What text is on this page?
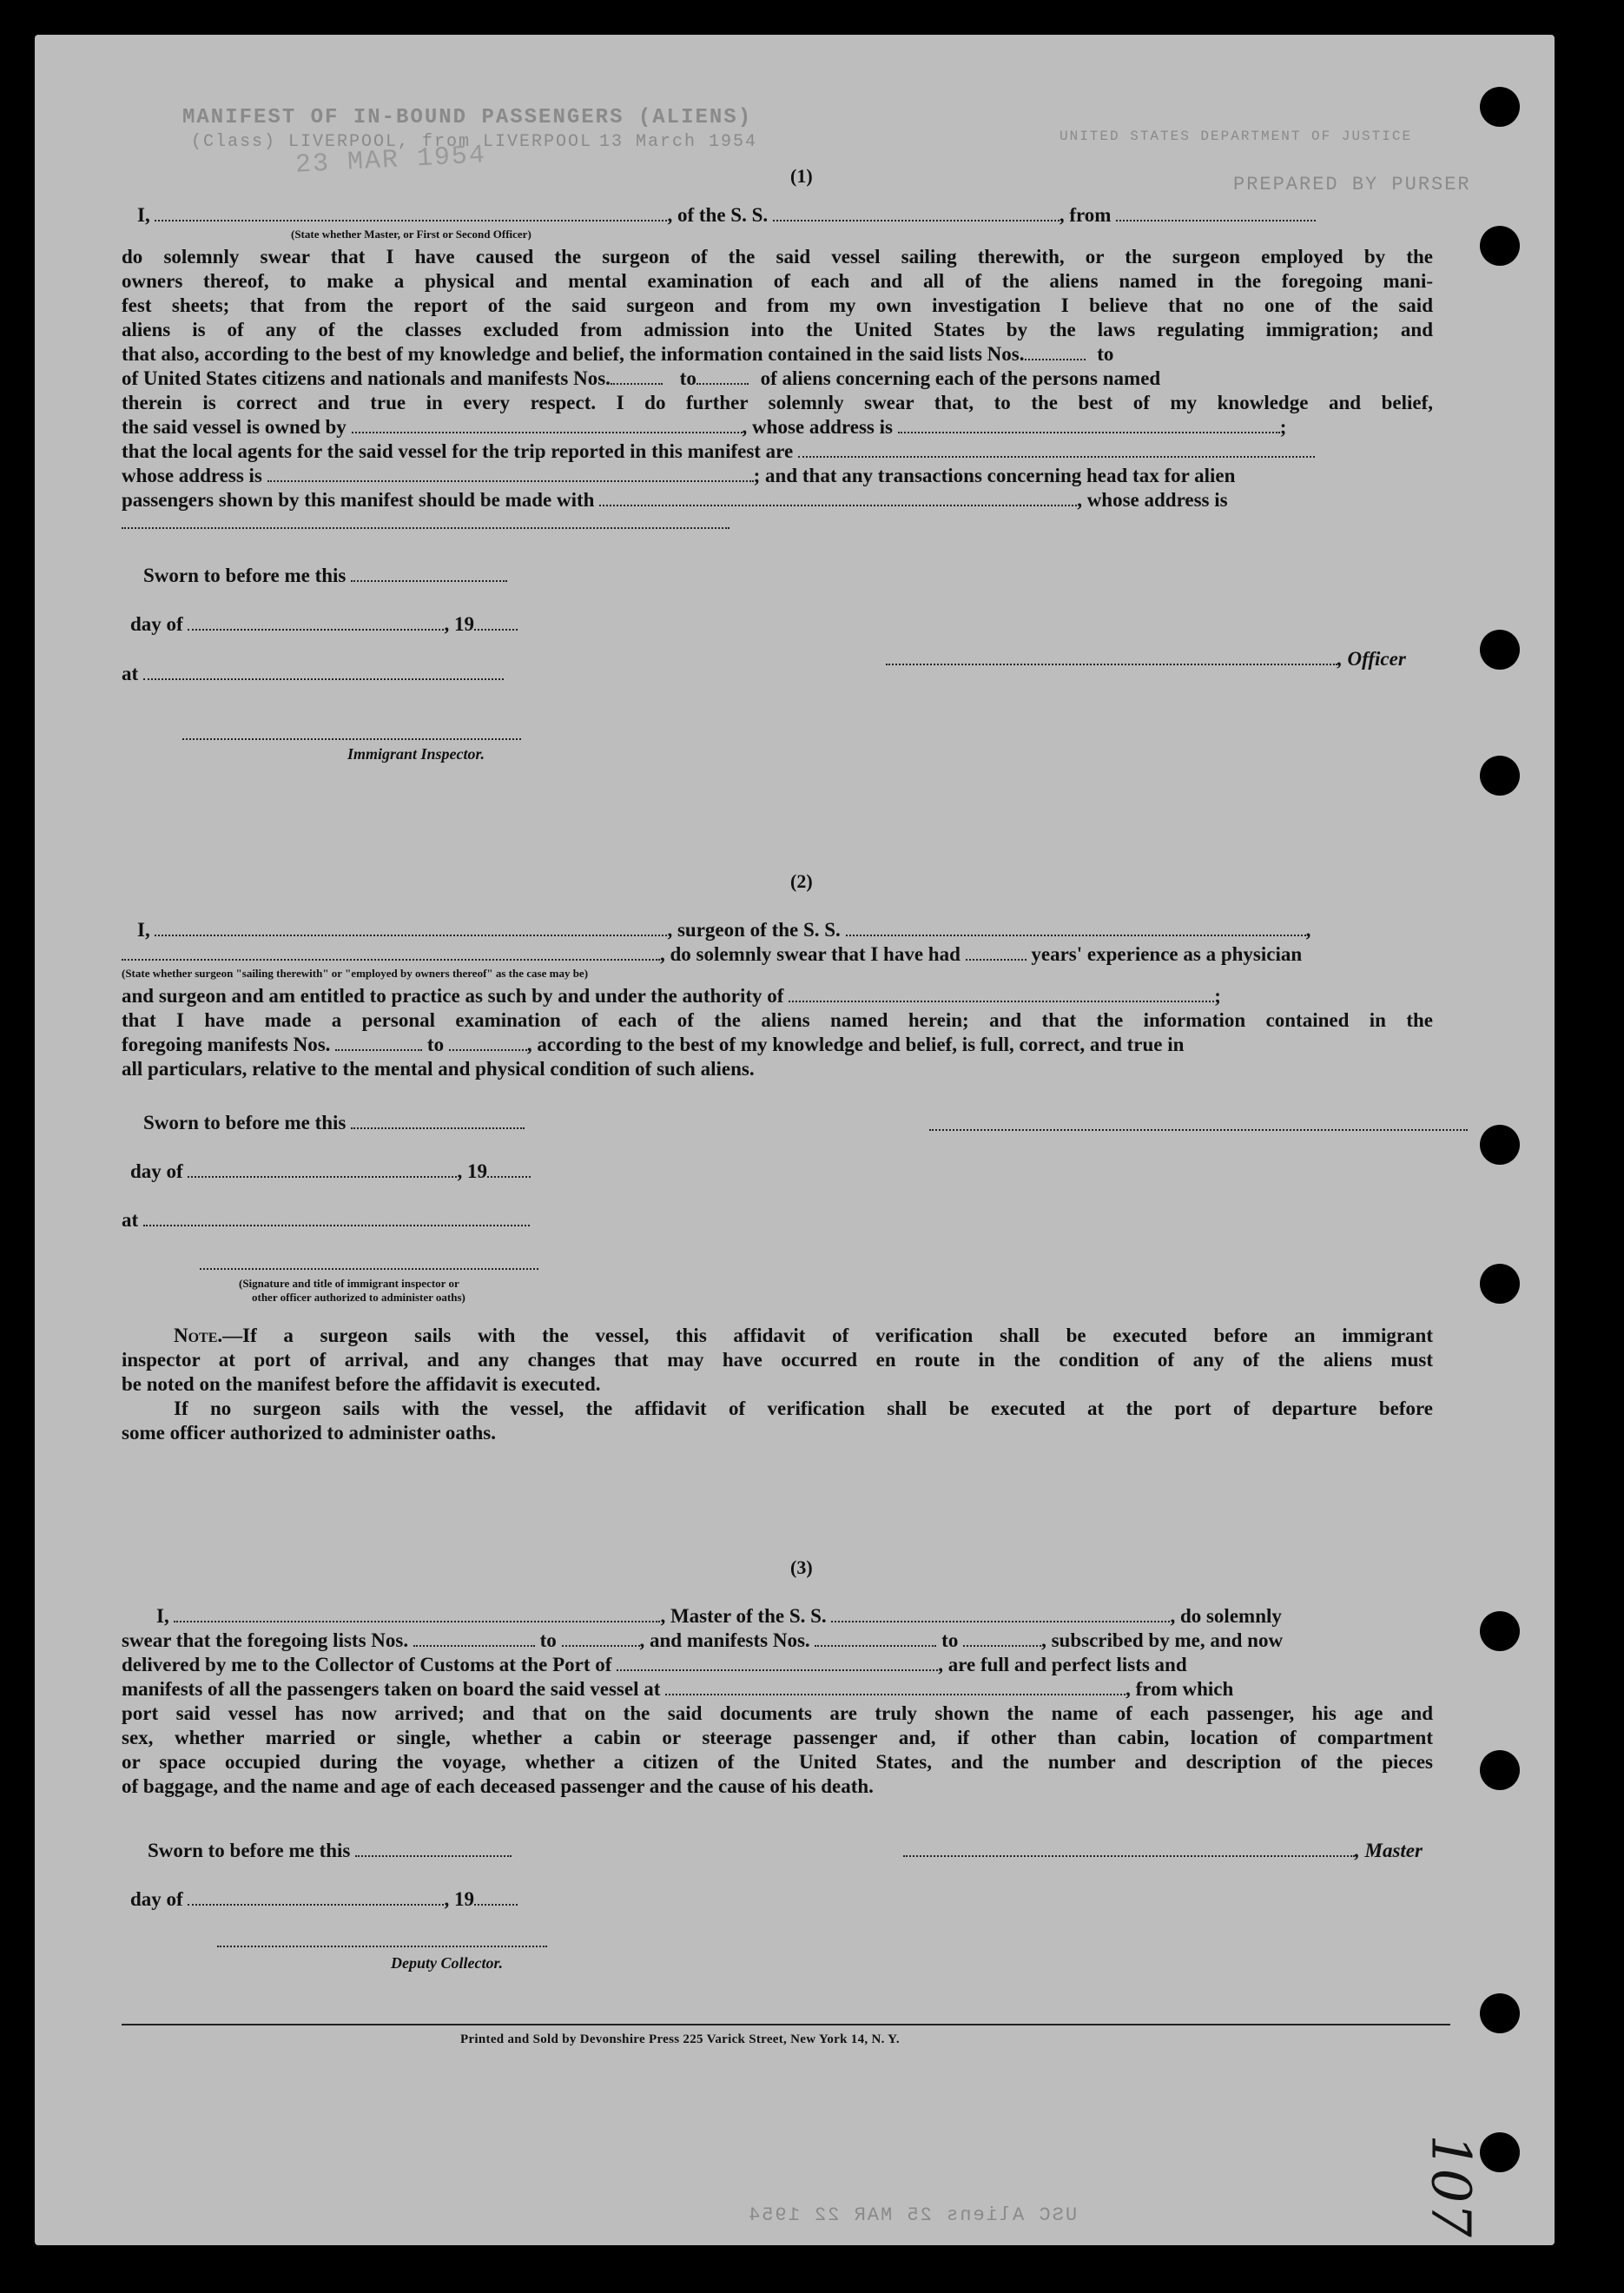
MANIFEST OF IN-BOUND PASSENGERS (ALIENS)
(Class) LIVERPOOL, from LIVERPOOL 13 March 1954	UNITED STATES DEPARTMENT OF JUSTICE
PREPARED BY PURSER
23 MAR 1954	(1)
I,	, of the S. S.	, from
(State whether Master, or First or Second Officer)
do solemnly swear that I have caused the surgeon of the said vessel sailing therewith, or the surgeon employed by the
owners thereof, to make a physical and mental examination of each and all of the aliens named in the foregoing mani-
fest sheets; that from the report of the said surgeon and from my own investigation I believe that no one of the said
aliens is of any of the classes excluded from admission into the United States by the laws regulating immigration; and
that also, according to the best of my knowledge and belief, the information contained in the said lists Nos.	to
of United States citizens and nationals and manifests Nos.	to	of aliens concerning each of the persons named
therein is correct and true in every respect. I do further solemnly swear that, to the best of my knowledge and belief,
the said vessel is owned by	, whose address is	;
that the local agents for the said vessel for the trip reported in this manifest are
whose address is	; and that any transactions concerning head tax for alien
passengers shown by this manifest should be made with	, whose address is
Sworn to before me this
day of	, 19
at
Immigrant Inspector.
, Officer
(2)
I,	, surgeon of the S. S.	,
, do solemnly swear that I have had	years' experience as a physician
(State whether surgeon "sailing therewith" or "employed by owners thereof" as the case may be)
and surgeon and am entitled to practice as such by and under the authority of	;
that I have made a personal examination of each of the aliens named herein; and that the information contained in the
foregoing manifests Nos.	to	, according to the best of my knowledge and belief, is full, correct, and true in
all particulars, relative to the mental and physical condition of such aliens.
Sworn to before me this
day of	, 19
at
(Signature and title of immigrant inspector or
other officer authorized to administer oaths)
Note.—If a surgeon sails with the vessel, this affidavit of verification shall be executed before an immigrant
inspector at port of arrival, and any changes that may have occurred en route in the condition of any of the aliens must
be noted on the manifest before the affidavit is executed.
If no surgeon sails with the vessel, the affidavit of verification shall be executed at the port of departure before
some officer authorized to administer oaths.
(3)
I,	, Master of the S. S.	, do solemnly
swear that the foregoing lists Nos.	to	, and manifests Nos.	to	, subscribed by me, and now
delivered by me to the Collector of Customs at the Port of	, are full and perfect lists and
manifests of all the passengers taken on board the said vessel at	, from which
port said vessel has now arrived; and that on the said documents are truly shown the name of each passenger, his age and
sex, whether married or single, whether a cabin or steerage passenger and, if other than cabin, location of compartment
or space occupied during the voyage, whether a citizen of the United States, and the number and description of the pieces
of baggage, and the name and age of each deceased passenger and the cause of his death.
Sworn to before me this	, Master
day of	, 19
Deputy Collector.
Printed and Sold by Devonshire Press 225 Varick Street, New York 14, N. Y.
107
USC Aliens 25 MAR 22 1954
